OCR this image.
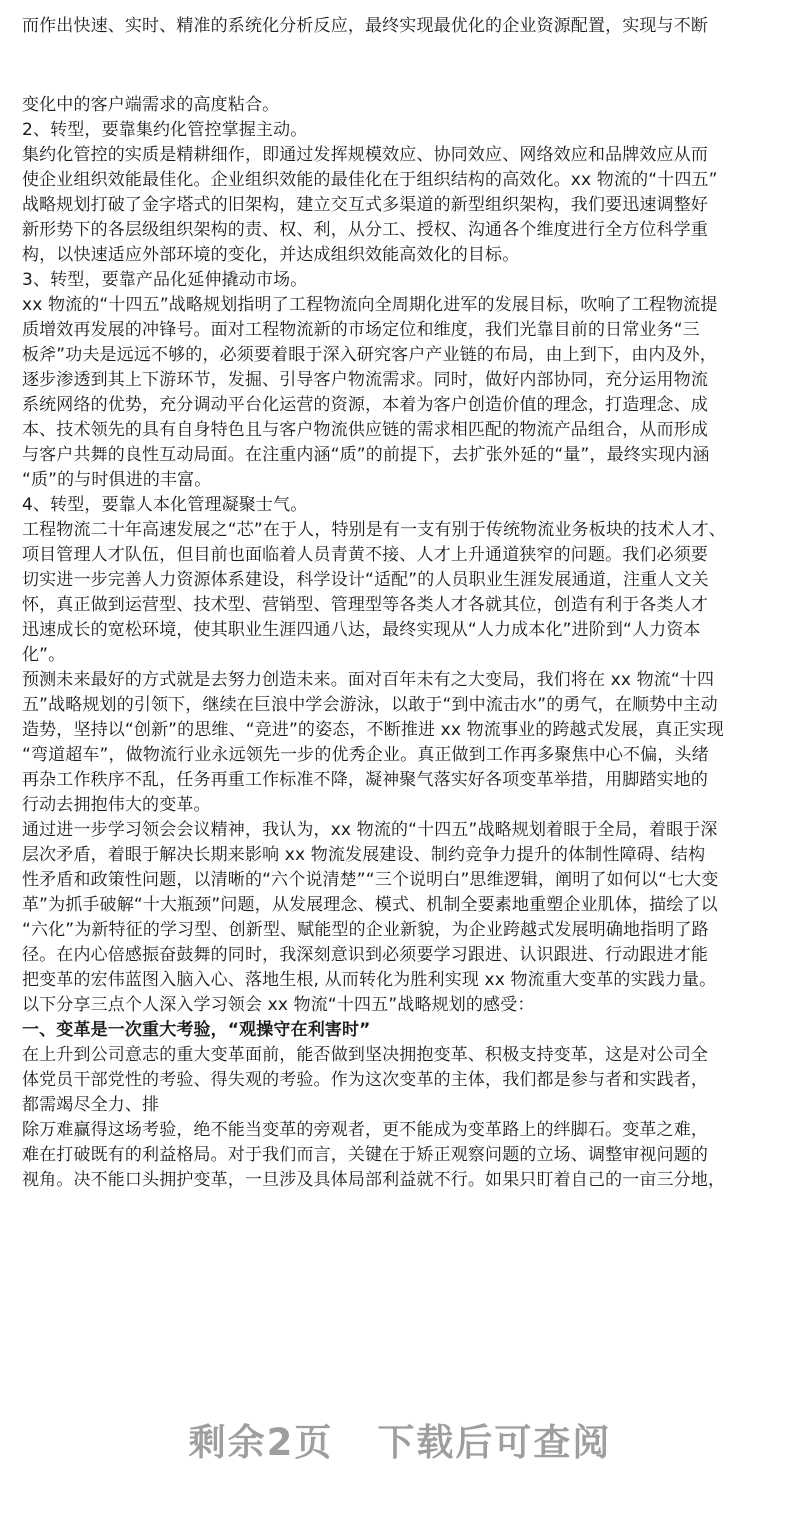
而作出快速、实时、精准的系统化分析反应，最终实现最优化的企业资源配置，实现与不断
变化中的客户端需求的高度粘合。
2、转型，要靠集约化管控掌握主动。
集约化管控的实质是精耕细作，即通过发挥规模效应、协同效应、网络效应和品牌效应从而
使企业组织效能最佳化。企业组织效能的最佳化在于组织结构的高效化。xx 物流的“十四五”
战略规划打破了金字塔式的旧架构，建立交互式多渠道的新型组织架构，我们要迅速调整好
新形势下的各层级组织架构的责、权、利，从分工、授权、沟通各个维度进行全方位科学重
构，以快速适应外部环境的变化，并达成组织效能高效化的目标。
3、转型，要靠产品化延伸撬动市场。
xx 物流的“十四五”战略规划指明了工程物流向全周期化进军的发展目标，吹响了工程物流提
质增效再发展的冲锋号。面对工程物流新的市场定位和维度，我们光靠目前的日常业务“三
板斧”功夫是远远不够的，必须要着眼于深入研究客户产业链的布局，由上到下，由内及外，
逐步渗透到其上下游环节，发掘、引导客户物流需求。同时，做好内部协同，充分运用物流
系统网络的优势，充分调动平台化运营的资源，本着为客户创造价值的理念，打造理念、成
本、技术领先的具有自身特色且与客户物流供应链的需求相匹配的物流产品组合，从而形成
与客户共舞的良性互动局面。在注重内涵“质”的前提下，去扩张外延的“量”，最终实现内涵
“质”的与时俱进的丰富。
4、转型，要靠人本化管理凝聚士气。
工程物流二十年高速发展之“芯”在于人，特别是有一支有别于传统物流业务板块的技术人才、
项目管理人才队伍，但目前也面临着人员青黄不接、人才上升通道狭窄的问题。我们必须要
切实进一步完善人力资源体系建设，科学设计“适配”的人员职业生涯发展通道，注重人文关
怀，真正做到运营型、技术型、营销型、管理型等各类人才各就其位，创造有利于各类人才
迅速成长的宽松环境，使其职业生涯四通八达，最终实现从“人力成本化”进阶到“人力资本
化”。
预测未来最好的方式就是去努力创造未来。面对百年未有之大变局，我们将在 xx 物流“十四
五”战略规划的引领下，继续在巨浪中学会游泳，以敢于“到中流击水”的勇气，在顺势中主动
造势，坚持以“创新”的思维、“竞进”的姿态，不断推进 xx 物流事业的跨越式发展，真正实现
“弯道超车”，做物流行业永远领先一步的优秀企业。真正做到工作再多聚焦中心不偏，头绪
再杂工作秩序不乱，任务再重工作标准不降，凝神聚气落实好各项变革举措，用脚踏实地的
行动去拥抱伟大的变革。
通过进一步学习领会会议精神，我认为，xx 物流的“十四五”战略规划着眼于全局，着眼于深
层次矛盾，着眼于解决长期来影响 xx 物流发展建设、制约竞争力提升的体制性障碍、结构
性矛盾和政策性问题，以清晰的“六个说清楚”“三个说明白”思维逻辑，阐明了如何以“七大变
革”为抓手破解“十大瓶颈”问题，从发展理念、模式、机制全要素地重塑企业肌体，描绘了以
“六化”为新特征的学习型、创新型、赋能型的企业新貌，为企业跨越式发展明确地指明了路
径。在内心倍感振奋鼓舞的同时，我深刻意识到必须要学习跟进、认识跟进、行动跟进才能
把变革的宏伟蓝图入脑入心、落地生根, 从而转化为胜利实现 xx 物流重大变革的实践力量。
以下分享三点个人深入学习领会 xx 物流“十四五”战略规划的感受：
一、变革是一次重大考验，“观操守在利害时”
在上升到公司意志的重大变革面前，能否做到坚决拥抱变革、积极支持变革，这是对公司全
体党员干部党性的考验、得失观的考验。作为这次变革的主体，我们都是参与者和实践者，
都需竭尽全力、排
除万难赢得这场考验，绝不能当变革的旁观者，更不能成为变革路上的绊脚石。变革之难，
难在打破既有的利益格局。对于我们而言，关键在于矫正观察问题的立场、调整审视问题的
视角。决不能口头拥护变革，一旦涉及具体局部利益就不行。如果只盯着自己的一亩三分地，
剩余2页 下载后可查阅
